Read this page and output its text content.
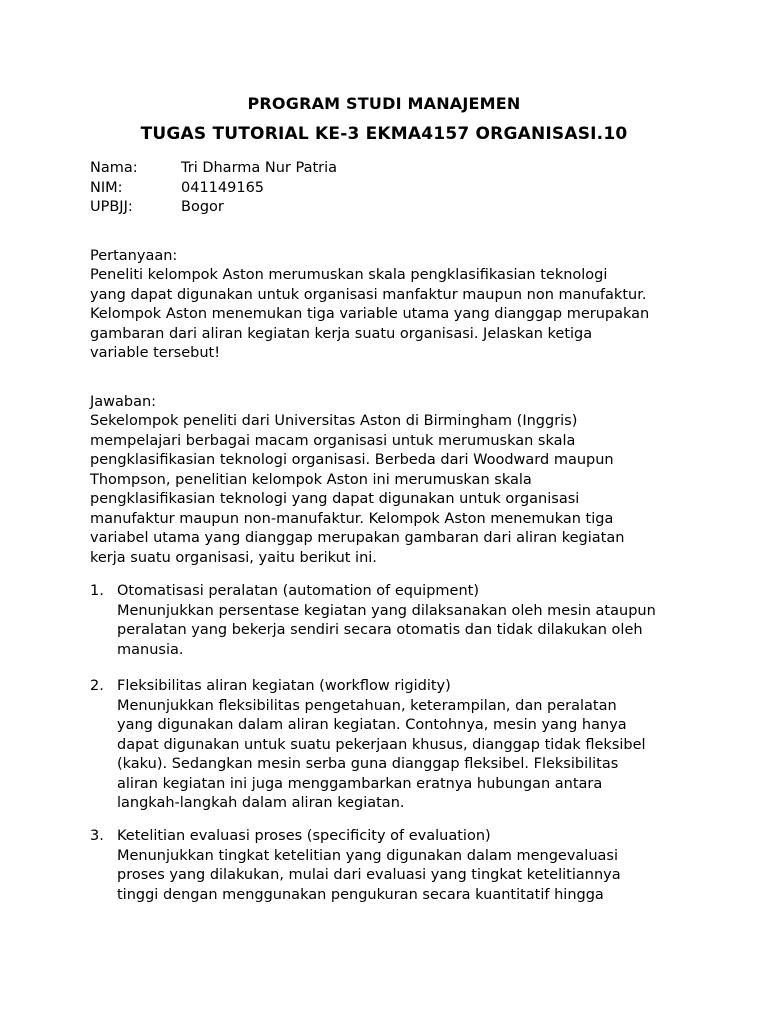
PROGRAM STUDI MANAJEMEN
TUGAS TUTORIAL KE-3 EKMA4157 ORGANISASI.10
Nama:	Tri Dharma Nur Patria
NIM:	041149165
UPBJJ:	Bogor
Pertanyaan:
Peneliti kelompok Aston merumuskan skala pengklasifikasian teknologi
yang dapat digunakan untuk organisasi manfaktur maupun non manufaktur.
Kelompok Aston menemukan tiga variable utama yang dianggap merupakan
gambaran dari aliran kegiatan kerja suatu organisasi. Jelaskan ketiga
variable tersebut!
Jawaban:
Sekelompok peneliti dari Universitas Aston di Birmingham (Inggris)
mempelajari berbagai macam organisasi untuk merumuskan skala
pengklasifikasian teknologi organisasi. Berbeda dari Woodward maupun
Thompson, penelitian kelompok Aston ini merumuskan skala
pengklasifikasian teknologi yang dapat digunakan untuk organisasi
manufaktur maupun non-manufaktur. Kelompok Aston menemukan tiga
variabel utama yang dianggap merupakan gambaran dari aliran kegiatan
kerja suatu organisasi, yaitu berikut ini.
1. Otomatisasi peralatan (automation of equipment)
Menunjukkan persentase kegiatan yang dilaksanakan oleh mesin ataupun
peralatan yang bekerja sendiri secara otomatis dan tidak dilakukan oleh
manusia.
2. Fleksibilitas aliran kegiatan (workflow rigidity)
Menunjukkan fleksibilitas pengetahuan, keterampilan, dan peralatan
yang digunakan dalam aliran kegiatan. Contohnya, mesin yang hanya
dapat digunakan untuk suatu pekerjaan khusus, dianggap tidak fleksibel
(kaku). Sedangkan mesin serba guna dianggap fleksibel. Fleksibilitas
aliran kegiatan ini juga menggambarkan eratnya hubungan antara
langkah-langkah dalam aliran kegiatan.
3. Ketelitian evaluasi proses (specificity of evaluation)
Menunjukkan tingkat ketelitian yang digunakan dalam mengevaluasi
proses yang dilakukan, mulai dari evaluasi yang tingkat ketelitiannya
tinggi dengan menggunakan pengukuran secara kuantitatif hingga
